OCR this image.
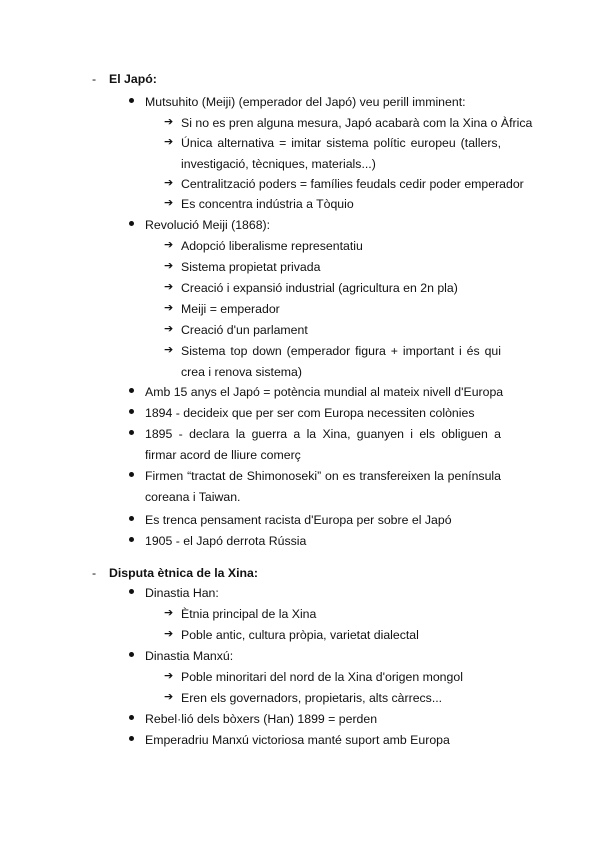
- El Japó:
Mutsuhito (Meiji) (emperador del Japó) veu perill imminent:
➔ Si no es pren alguna mesura, Japó acabarà com la Xina o Àfrica
➔ Única alternativa = imitar sistema polític europeu (tallers, investigació, tècniques, materials...)
➔ Centralització poders = famílies feudals cedir poder emperador
➔ Es concentra indústria a Tòquio
Revolució Meiji (1868):
➔ Adopció liberalisme representatiu
➔ Sistema propietat privada
➔ Creació i expansió industrial (agricultura en 2n pla)
➔ Meiji = emperador
➔ Creació d'un parlament
➔ Sistema top down (emperador figura + important i és qui crea i renova sistema)
Amb 15 anys el Japó = potència mundial al mateix nivell d'Europa
1894 - decideix que per ser com Europa necessiten colònies
1895 - declara la guerra a la Xina, guanyen i els obliguen a firmar acord de lliure comerç
Firmen “tractat de Shimonoseki” on es transfereixen la península coreana i Taiwan.
Es trenca pensament racista d'Europa per sobre el Japó
1905 - el Japó derrota Rússia
- Disputa ètnica de la Xina:
Dinastia Han:
➔ Ètnia principal de la Xina
➔ Poble antic, cultura pròpia, varietat dialectal
Dinastia Manxú:
➔ Poble minoritari del nord de la Xina d'origen mongol
➔ Eren els governadors, propietaris, alts càrrecs...
Rebel·lió dels bòxers (Han) 1899 = perden
Emperadriu Manxú victoriosa manté suport amb Europa
